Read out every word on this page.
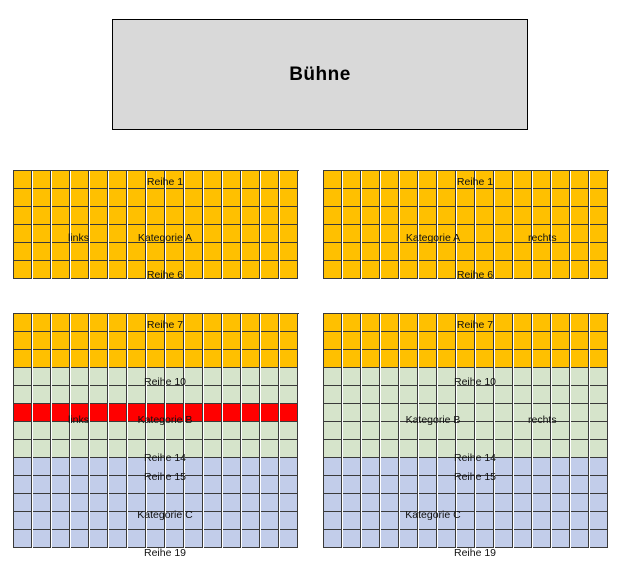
Bühne
Reihe 1
links	Kategorie A
Reihe 6
Reihe 1
Kategorie A	rechts
Reihe 6
Reihe 7
Reihe 10
links	Kategorie B
Reihe 14
Reihe 15
Kategorie C
Reihe 19
Reihe 7
Reihe 10
Kategorie B	rechts
Reihe 14
Reihe 15
Kategorie C
Reihe 19
